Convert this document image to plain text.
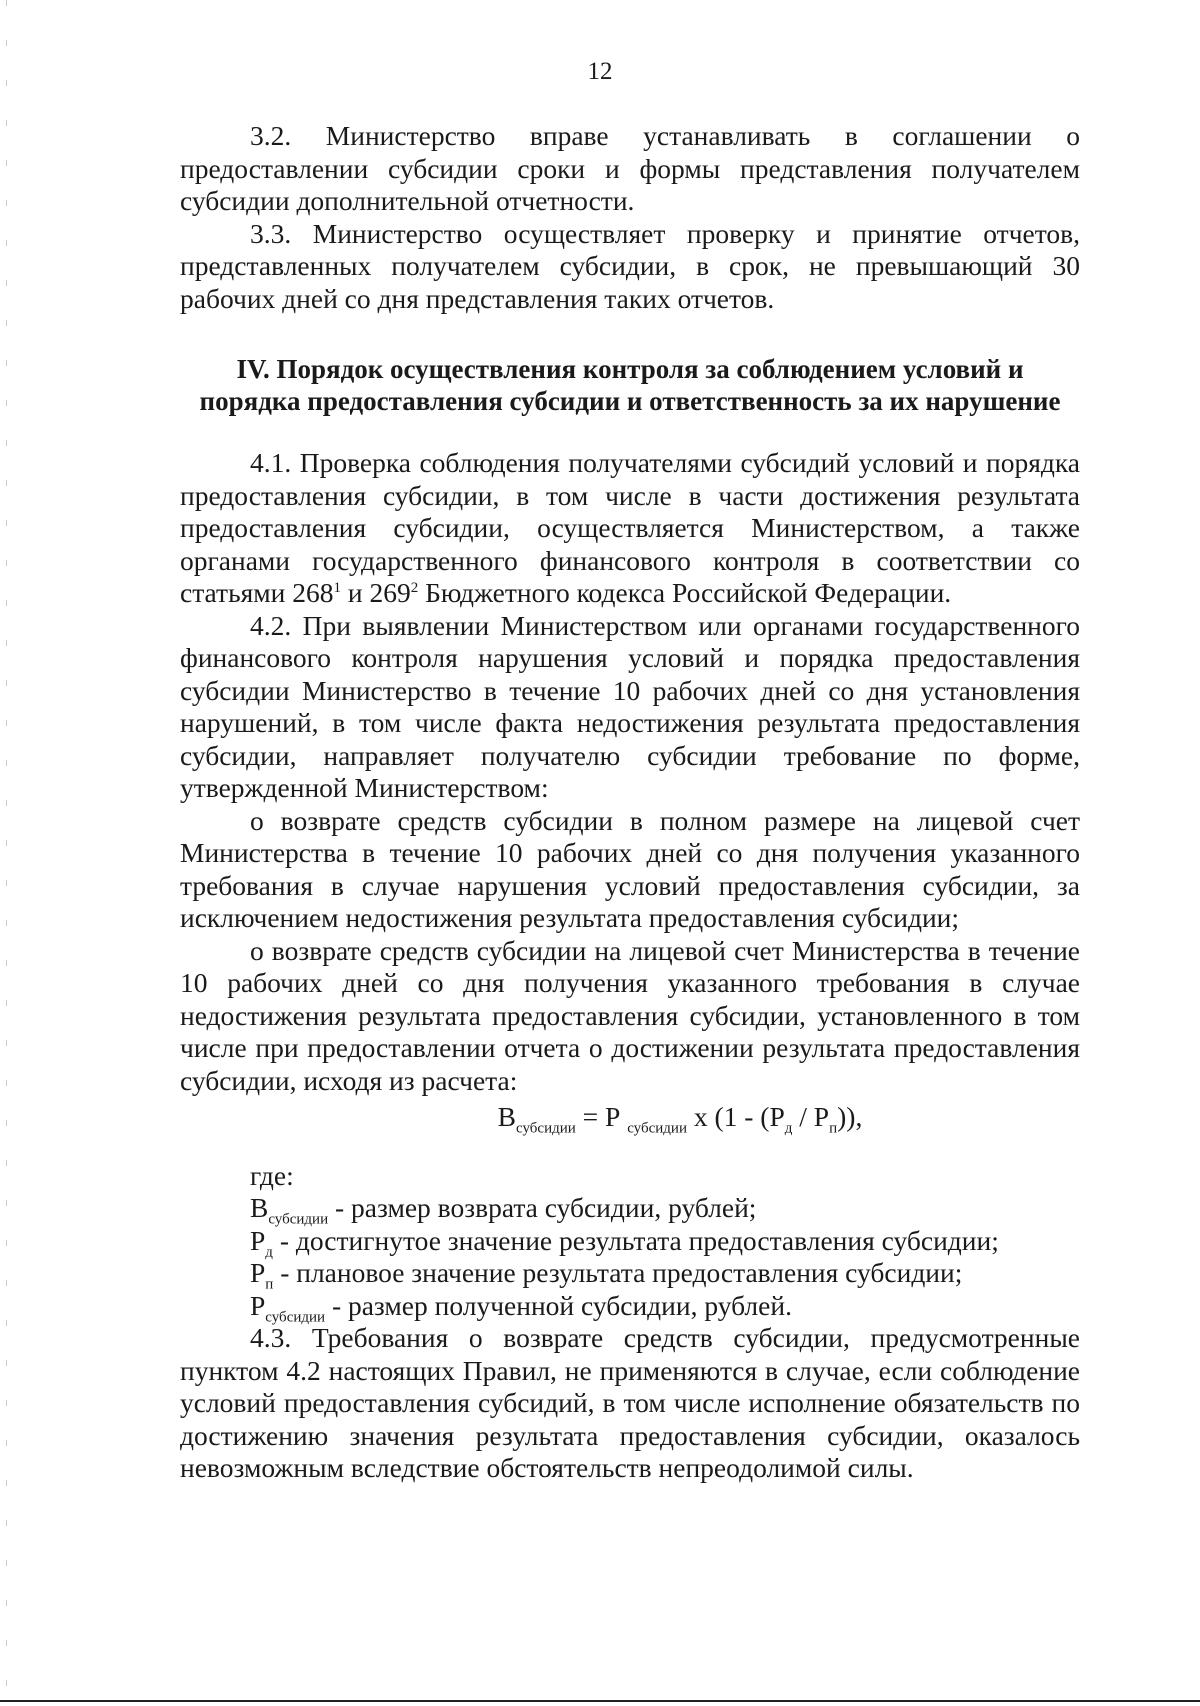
12

3.2. Министерство вправе устанавливать в соглашении о предоставлении субсидии сроки и формы представления получателем субсидии дополнительной отчетности.

3.3. Министерство осуществляет проверку и принятие отчетов, представленных получателем субсидии, в срок, не превышающий 30 рабочих дней со дня представления таких отчетов.

IV. Порядок осуществления контроля за соблюдением условий и порядка предоставления субсидии и ответственность за их нарушение

4.1. Проверка соблюдения получателями субсидий условий и порядка предоставления субсидии, в том числе в части достижения результата предоставления субсидии, осуществляется Министерством, а также органами государственного финансового контроля в соответствии со статьями $268^1$ и $269^2$ Бюджетного кодекса Российской Федерации.

4.2. При выявлении Министерством или органами государственного финансового контроля нарушения условий и порядка предоставления субсидии Министерство в течение 10 рабочих дней со дня установления нарушений, в том числе факта недостижения результата предоставления субсидии, направляет получателю субсидии требование по форме, утвержденной Министерством:

о возврате средств субсидии в полном размере на лицевой счет Министерства в течение 10 рабочих дней со дня получения указанного требования в случае нарушения условий предоставления субсидии, за исключением недостижения результата предоставления субсидии;

о возврате средств субсидии на лицевой счет Министерства в течение 10 рабочих дней со дня получения указанного требования в случае недостижения результата предоставления субсидии, установленного в том числе при предоставлении отчета о достижении результата предоставления субсидии, исходя из расчета:

$В_{субсидии} = Р$ $_{субсидии}$ х $(1 - (Р_д / Р_п))$,

где:

$В_{субсидии}$ - размер возврата субсидии, рублей;

$Р_д$ - достигнутое значение результата предоставления субсидии;

$Р_п$ - плановое значение результата предоставления субсидии;

$Р_{субсидии}$ - размер полученной субсидии, рублей.

4.3. Требования о возврате средств субсидии, предусмотренные пунктом 4.2 настоящих Правил, не применяются в случае, если соблюдение условий предоставления субсидий, в том числе исполнение обязательств по достижению значения результата предоставления субсидии, оказалось невозможным вследствие обстоятельств непреодолимой силы.
